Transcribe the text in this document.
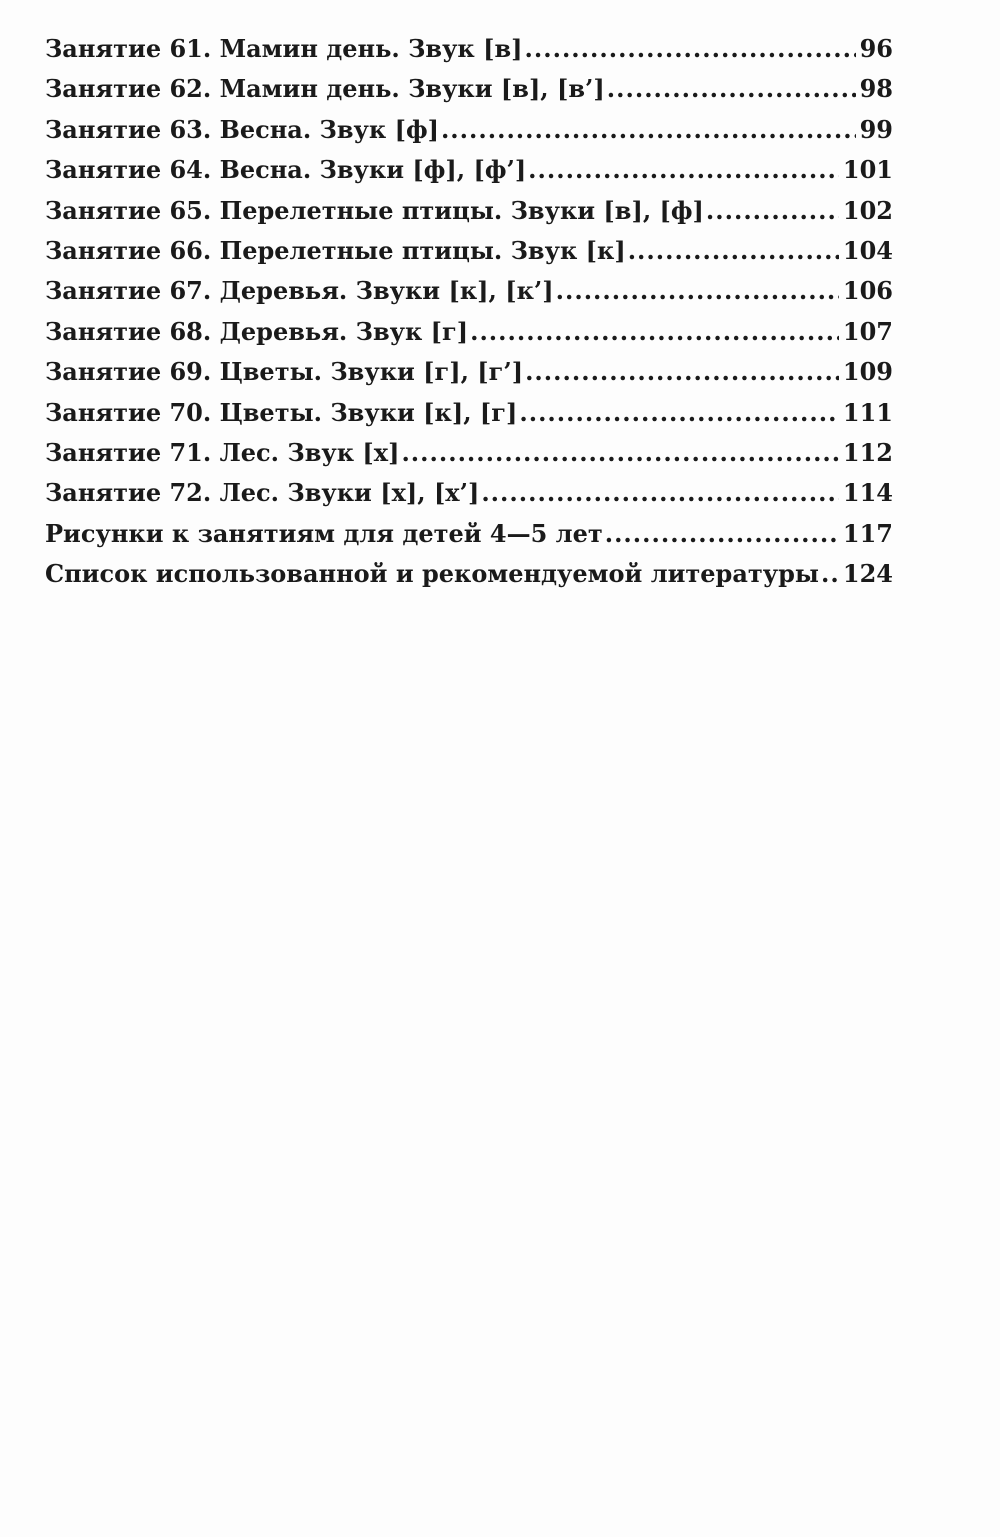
Занятие 61. Мамин день. Звук [в] .....	96
Занятие 62. Мамин день. Звуки [в], [в’] .....	98
Занятие 63. Весна. Звук [ф] .....	99
Занятие 64. Весна. Звуки [ф], [ф’] .....	101
Занятие 65. Перелетные птицы. Звуки [в], [ф] .....	102
Занятие 66. Перелетные птицы. Звук [к] .....	104
Занятие 67. Деревья. Звуки [к], [к’] .....	106
Занятие 68. Деревья. Звук [г] .....	107
Занятие 69. Цветы. Звуки [г], [г’] .....	109
Занятие 70. Цветы. Звуки [к], [г] .....	111
Занятие 71. Лес. Звук [х] .....	112
Занятие 72. Лес. Звуки [х], [х’] .....	114
Рисунки к занятиям для детей 4—5 лет .....	117
Список использованной и рекомендуемой литературы ..... 124
